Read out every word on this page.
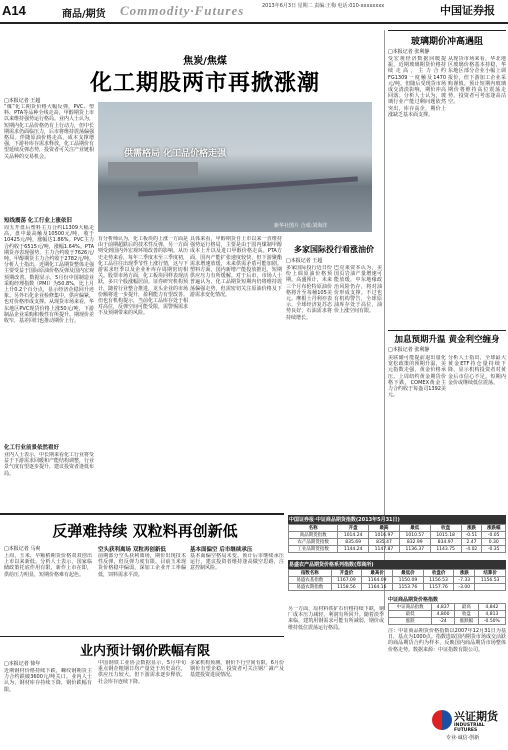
A14	商品/期货 Commodity·Futures	2013年6月3日 星期二 责编:王梅 电话:010-xxxxxxxx	中国证券报
焦炭/焦煤
化工期股两市再掀涨潮
□本报记者 王超
供需格局 化工品价格走强
新华社图片 合成:刘海洋
“煤”化工期货价格大幅反弹，PVC、塑料、PTA等品种全线走高，甲醇期货上市以来维持强势运行格局。业内人士认为，短期内化工品价格仍有上行动力，但中长期需求仍面临压力，后市将维持震荡偏强格局。伴随原油价格走高，成本支撑增强，下游补库存需求释放，化工品期价有望延续反弹态势，投资者可关注产业链相关品种的交易机会。
短线震荡 化工行业上涨依旧
周五开盘后塑料主力合约L1309大幅走高，盘中最高触及10500元/吨，收于10425元/吨，涨幅达1.86%。PVC主力合约收于6515元/吨，涨幅1.64%。PTA期货亦表现强势，主力合约收于7626元/吨。甲醇期货主力合约收于2782元/吨。分析人士指出，近期化工品期货整体走强主要受益于国际原油价格反弹及国内宏观预期改善。数据显示，5月份中国制造业采购经理指数（PMI）为50.8%，比上月上升0.2个百分点，显示经济企稳回升迹象。另外石化企业检修集中，供应偏紧，也对价格形成支撑。从现货市场来看，华东地区PVC现货价格上涨50元/吨，下游制品企业采购积极性有所提升。期现价差收窄，基差回归也推动期价上行。
化工行业前景依然看好
业内人士表示，中长期来看化工行业将受益于下游需求回暖和产能结构调整，行业景气度有望逐步提升，建议投资者逢低布局。
有分析师认为，化工板块的上涨一方面是由于前期超跌后的技术性反弹，另一方面则受到国内外宏观环境改善的影响。从历史走势来看，每年二季度末至三季度初，化工品往往出现季节性上涨行情，这与下游需求旺季以及企业补库存周期密切相关。股票市场方面，化工板块同样表现活跃，多只个股涨幅居前。证券研究机构预计，随着行业整合推进，龙头企业的市场份额将进一步提升，盈利能力有望改善。但也有机构提示，当前化工品库存处于相对高位，反弹空间可能受限，需警惕需求不及预期带来的风险。
具体来看，甲醇期货自上市以来一直维持强势运行格局，主要是由于国内煤制甲醇成本上升以及进口甲醇价格走高。PTA方面，国内产能扩张速度较快，但下游聚酯需求增速放缓，未来供需矛盾可能加剧。塑料方面，国内新增产能投放推迟，短期供应压力有所缓解。对于后市，市场人士普遍认为，化工品期货短期内仍将维持震荡偏强走势，但需密切关注原油价格及下游需求变化情况。
多家国际投行看涨油价
□本报记者 王超
多家国际投行近日纷纷上调原油价格预期。高盛预计，未来三个月布伦特原油价格将升至每桶105美元。摩根士丹利亦表示，全球经济复苏态势良好，石油需求将持续增长。
巴克莱资本认为，美国页岩油产量增速可能放缓，中东地缘政治风险仍存，将对油价形成支撑。不过也有机构警告，全球原油库存处于高位，油价上涨空间有限。
玻璃期价冲高遇阻
□本报记者 张利静
受宏观经济数据回暖提振，近期玻璃期货价格持续走高，主力合约FG1309一度触及1470元/吨。但随后受现货市场成交清淡影响，期价冲高回落。分析人士认为，玻璃行业产能过剩问题依然突出，库存高企，期价上涨缺乏基本面支撑。
从现货市场来看，华北地区玻璃价格基本持稳，华东地区部分企业小幅上调报价，但下游加工企业采购谨慎。预计短期内玻璃期价将维持高位震荡走势，投资者可考虑逢高沽空。
加息预期升温 黄金利空缠身
□本报记者 张利静
美联储可能提前退出量化宽松政策的预期升温，美元指数走强，黄金价格承压。上周纽约黄金期货价格下跌，COMEX黄金主力合约收于每盎司1392美元。
分析人士指出，全球最大黄金ETF持仓量持续下降，显示机构投资者对黄金后市信心不足。短期内金价或继续低位震荡。
中国证券报·中证商品期货指数(2013年5月31日)
名称	开盘	最高	最低	收盘	涨跌	涨跌幅
商品期货指数	1014.24	1016.97	1010.57	1015.18	-0.51	-0.05
农产品期货指数	835.69	835.47	832.99	834.97	2.47	0.30
工业品期货指数	1144.24	1147.87	1136.37	1143.75	-4.02	-0.35
易盛农产品期货价格系列指数(郑商所)
指数名称	开盘价	最高价	最低价	收盘价	涨跌	结算价
易盛农基指数	1167.09	1164.09	1150.09	1156.53	-7.33	1156.53
易盛农期指数	1158.56	1164.16	1153.76	1157.76	-3.00	
中证商品期货价格指数
中证商品指数	4,837	最高	4,842
最低	4,800	收盘	4,813
涨跌	-24	涨跌幅	-0.50%
注：中证商品期货价格指数以2007年12月31日为基日，基点为1000点。指数选取国内期货市场成交活跃的商品期货合约为样本，反映国内商品期货市场整体价格走势。数据来源：中证指数有限公司。
兴证期货
INDUSTRIAL FUTURES
专业·诚信·创新
反弹难持续 双粒料再创新低
□本报记者 马爽
上周，玉米、早籼稻期货价格双双创出上市以来新低。分析人士表示，国家临储政策托底作用有限，新作上市在即，供给压力明显，短期价格难有起色。
空头获利离场 双粒再创新低
前期部分空头获利离场，期价出现技术性反弹，但反弹力度有限。目前玉米现货价格稳中偏弱，深加工企业开工率偏低，饲料需求平淡。
基本面偏空 后市继续承压
基本面偏空格局未变，预计后市继续承压运行，建议投资者维持逢高做空思路，注意控制风险。
业内预计钢价跌幅有限
□本报记者 徐年
近期钢材价格持续下跌，螺纹钢期货主力合约跌破3600元/吨关口。业内人士认为，钢材库存持续下降，钢价跌幅有限。
中国钢铁工业协会数据显示，5月中旬重点钢企粗钢日均产量处于历史高位，供应压力较大。但下游需求逐步释放，社会库存连续下降。
多家机构预测，钢价下行空间有限，6月份钢价有望企稳。投资者可关注钢厂减产及基建投资进展情况。
另一方面，原材料铁矿石价格持续下跌，钢厂成本压力减轻，利润有所回升。随着淡季来临，建筑用钢需求可能有所减弱，钢价或维持低位震荡运行格局。
